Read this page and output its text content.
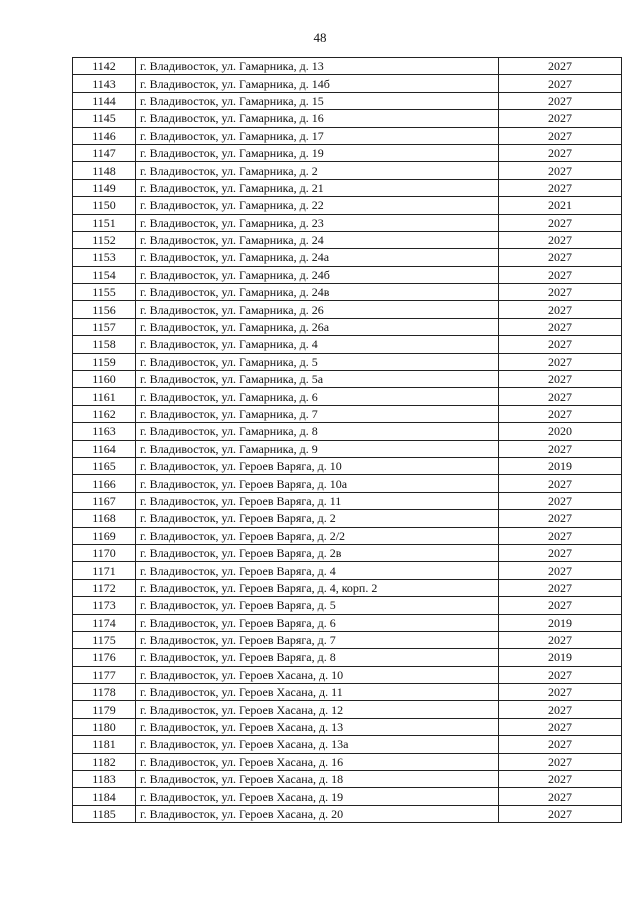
48
1142	г. Владивосток, ул. Гамарника, д. 13	2027
1143	г. Владивосток, ул. Гамарника, д. 14б	2027
1144	г. Владивосток, ул. Гамарника, д. 15	2027
1145	г. Владивосток, ул. Гамарника, д. 16	2027
1146	г. Владивосток, ул. Гамарника, д. 17	2027
1147	г. Владивосток, ул. Гамарника, д. 19	2027
1148	г. Владивосток, ул. Гамарника, д. 2	2027
1149	г. Владивосток, ул. Гамарника, д. 21	2027
1150	г. Владивосток, ул. Гамарника, д. 22	2021
1151	г. Владивосток, ул. Гамарника, д. 23	2027
1152	г. Владивосток, ул. Гамарника, д. 24	2027
1153	г. Владивосток, ул. Гамарника, д. 24а	2027
1154	г. Владивосток, ул. Гамарника, д. 24б	2027
1155	г. Владивосток, ул. Гамарника, д. 24в	2027
1156	г. Владивосток, ул. Гамарника, д. 26	2027
1157	г. Владивосток, ул. Гамарника, д. 26а	2027
1158	г. Владивосток, ул. Гамарника, д. 4	2027
1159	г. Владивосток, ул. Гамарника, д. 5	2027
1160	г. Владивосток, ул. Гамарника, д. 5а	2027
1161	г. Владивосток, ул. Гамарника, д. 6	2027
1162	г. Владивосток, ул. Гамарника, д. 7	2027
1163	г. Владивосток, ул. Гамарника, д. 8	2020
1164	г. Владивосток, ул. Гамарника, д. 9	2027
1165	г. Владивосток, ул. Героев Варяга, д. 10	2019
1166	г. Владивосток, ул. Героев Варяга, д. 10а	2027
1167	г. Владивосток, ул. Героев Варяга, д. 11	2027
1168	г. Владивосток, ул. Героев Варяга, д. 2	2027
1169	г. Владивосток, ул. Героев Варяга, д. 2/2	2027
1170	г. Владивосток, ул. Героев Варяга, д. 2в	2027
1171	г. Владивосток, ул. Героев Варяга, д. 4	2027
1172	г. Владивосток, ул. Героев Варяга, д. 4, корп. 2	2027
1173	г. Владивосток, ул. Героев Варяга, д. 5	2027
1174	г. Владивосток, ул. Героев Варяга, д. 6	2019
1175	г. Владивосток, ул. Героев Варяга, д. 7	2027
1176	г. Владивосток, ул. Героев Варяга, д. 8	2019
1177	г. Владивосток, ул. Героев Хасана, д. 10	2027
1178	г. Владивосток, ул. Героев Хасана, д. 11	2027
1179	г. Владивосток, ул. Героев Хасана, д. 12	2027
1180	г. Владивосток, ул. Героев Хасана, д. 13	2027
1181	г. Владивосток, ул. Героев Хасана, д. 13а	2027
1182	г. Владивосток, ул. Героев Хасана, д. 16	2027
1183	г. Владивосток, ул. Героев Хасана, д. 18	2027
1184	г. Владивосток, ул. Героев Хасана, д. 19	2027
1185	г. Владивосток, ул. Героев Хасана, д. 20	2027
